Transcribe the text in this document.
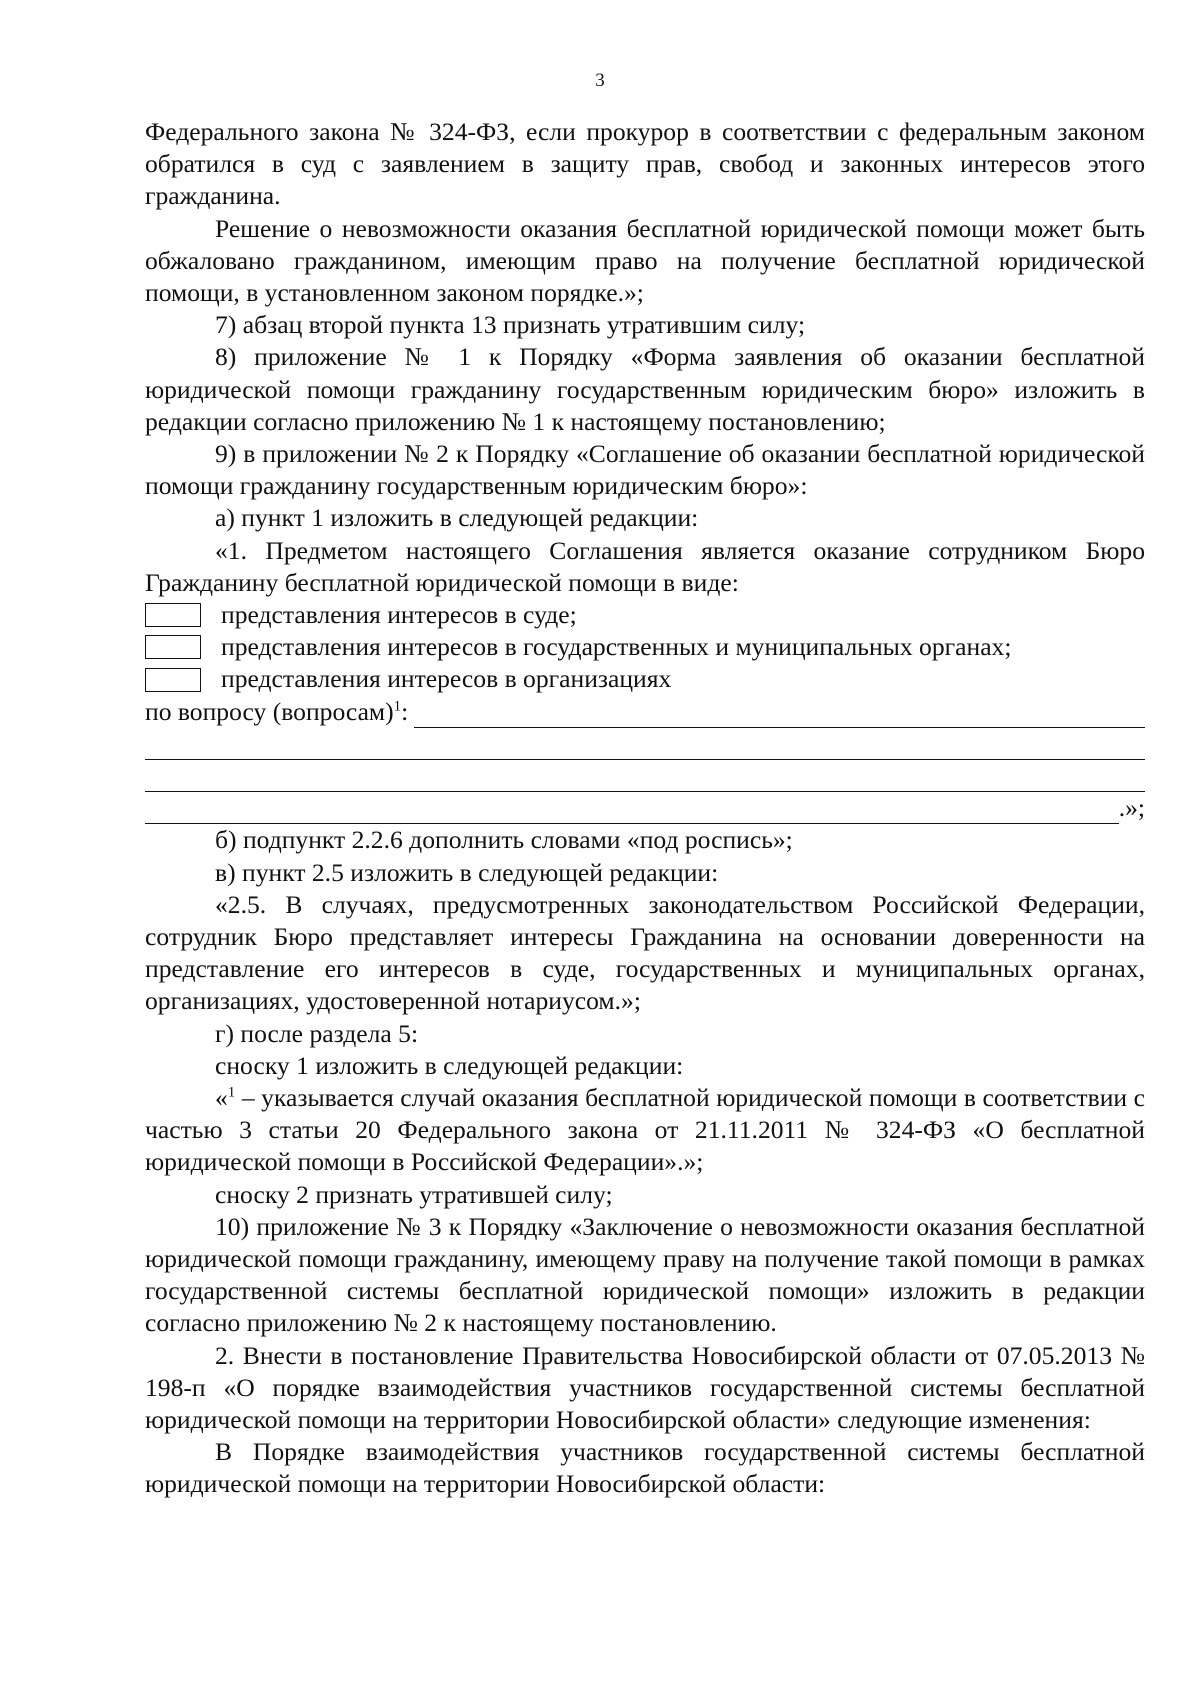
3

Федерального закона № 324-ФЗ, если прокурор в соответствии с федеральным законом обратился в суд с заявлением в защиту прав, свобод и законных интересов этого гражданина.

Решение о невозможности оказания бесплатной юридической помощи может быть обжаловано гражданином, имеющим право на получение бесплатной юридической помощи, в установленном законом порядке.»;

7) абзац второй пункта 13 признать утратившим силу;

8) приложение № 1 к Порядку «Форма заявления об оказании бесплатной юридической помощи гражданину государственным юридическим бюро» изложить в редакции согласно приложению № 1 к настоящему постановлению;

9) в приложении № 2 к Порядку «Соглашение об оказании бесплатной юридической помощи гражданину государственным юридическим бюро»:

а) пункт 1 изложить в следующей редакции:

«1. Предметом настоящего Соглашения является оказание сотрудником Бюро Гражданину бесплатной юридической помощи в виде:

представления интересов в суде;
представления интересов в государственных и муниципальных органах;
представления интересов в организациях
по вопросу (вопросам)$^1$:
.»;

б) подпункт 2.2.6 дополнить словами «под роспись»;

в) пункт 2.5 изложить в следующей редакции:

«2.5. В случаях, предусмотренных законодательством Российской Федерации, сотрудник Бюро представляет интересы Гражданина на основании доверенности на представление его интересов в суде, государственных и муниципальных органах, организациях, удостоверенной нотариусом.»;

г) после раздела 5:

сноску 1 изложить в следующей редакции:

«$^1$ – указывается случай оказания бесплатной юридической помощи в соответствии с частью 3 статьи 20 Федерального закона от 21.11.2011 № 324-ФЗ «О бесплатной юридической помощи в Российской Федерации».»;

сноску 2 признать утратившей силу;

10) приложение № 3 к Порядку «Заключение о невозможности оказания бесплатной юридической помощи гражданину, имеющему праву на получение такой помощи в рамках государственной системы бесплатной юридической помощи» изложить в редакции согласно приложению № 2 к настоящему постановлению.

2. Внести в постановление Правительства Новосибирской области от 07.05.2013 № 198-п «О порядке взаимодействия участников государственной системы бесплатной юридической помощи на территории Новосибирской области» следующие изменения:

В Порядке взаимодействия участников государственной системы бесплатной юридической помощи на территории Новосибирской области:
